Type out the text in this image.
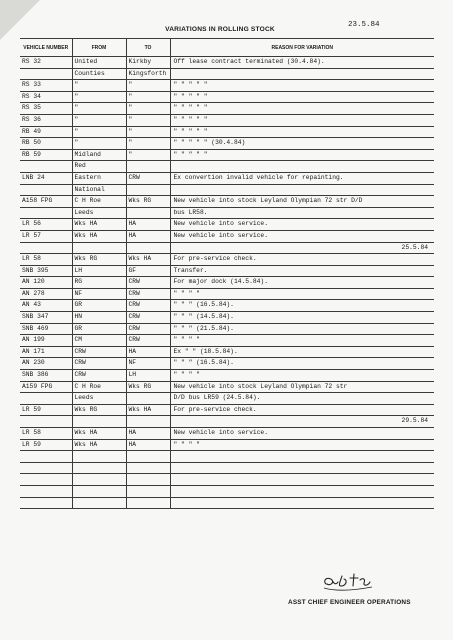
VARIATIONS IN ROLLING STOCK
23.5.84
VEHICLE NUMBER	FROM	TO	REASON FOR VARIATION
RS 32	United	Kirkby	Off lease contract terminated (30.4.84).
	Counties	Kingsforth	
RS 33	"	"	" " " " "
RS 34	"	"	" " " " "
RS 35	"	"	" " " " "
RS 36	"	"	" " " " "
RB 49	"	"	" " " " "
RB 50	"	"	" " " " " (30.4.84)
RB 59	Midland	"	" " " " "
	Red		
LNB 24	Eastern	CRW	Ex convertion invalid vehicle for repainting.
	National		
A158 FPG	C H Roe	Wks RG	New vehicle into stock Leyland Olympian 72 str D/D
	Leeds		bus LR58.
LR 56	Wks HA	HA	New vehicle into service.
LR 57	Wks HA	HA	New vehicle into service.
			25.5.84
LR 58	Wks RG	Wks HA	For pre-service check.
SNB 395	LH	GF	Transfer.
AN 120	RG	CRW	For major dock (14.5.84).
AN 278	NF	CRW	" " " "
AN 43	GR	CRW	" " " (16.5.84).
SNB 347	HN	CRW	" " " (14.5.84).
SNB 469	GR	CRW	" " " (21.5.84).
AN 199	CM	CRW	" " " "
AN 171	CRW	HA	Ex " " (18.5.84).
AN 230	CRW	NF	" " " (16.5.84).
SNB 386	CRW	LH	" " " "
A159 FPG	C H Roe	Wks RG	New vehicle into stock Leyland Olympian 72 str
	Leeds		D/D bus LR59 (24.5.84).
LR 59	Wks RG	Wks HA	For pre-service check.
			29.5.84
LR 58	Wks HA	HA	New vehicle into service.
LR 59	Wks HA	HA	" " " "

ASST CHIEF ENGINEER OPERATIONS
